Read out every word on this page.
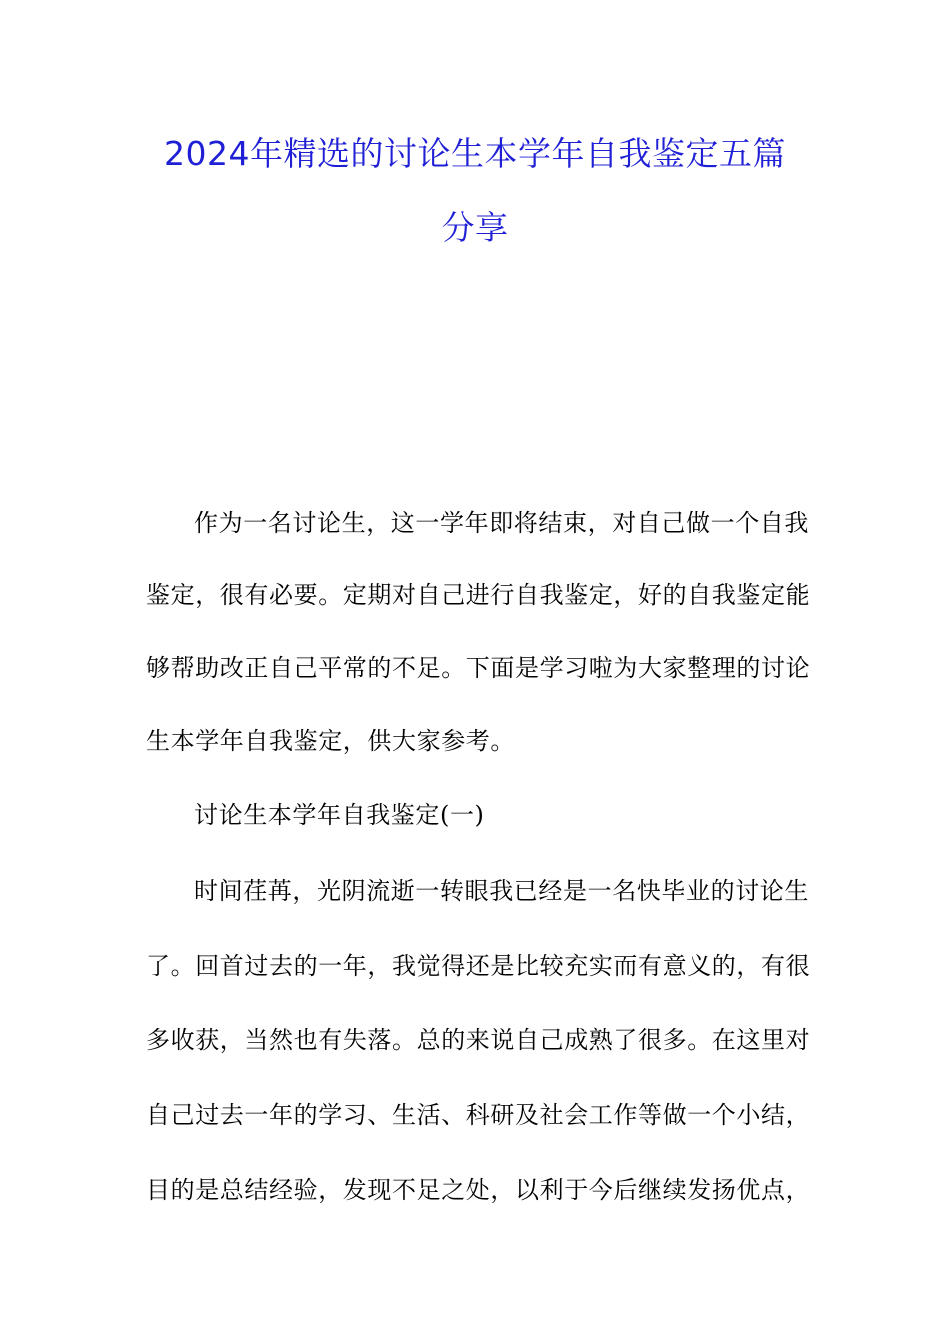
2024年精选的讨论生本学年自我鉴定五篇
分享
作为一名讨论生，这一学年即将结束，对自己做一个自我
鉴定，很有必要。定期对自己进行自我鉴定，好的自我鉴定能
够帮助改正自己平常的不足。下面是学习啦为大家整理的讨论
生本学年自我鉴定，供大家参考。
讨论生本学年自我鉴定(一)
时间荏苒，光阴流逝一转眼我已经是一名快毕业的讨论生
了。回首过去的一年，我觉得还是比较充实而有意义的，有很
多收获，当然也有失落。总的来说自己成熟了很多。在这里对
自己过去一年的学习、生活、科研及社会工作等做一个小结，
目的是总结经验，发现不足之处，以利于今后继续发扬优点，
